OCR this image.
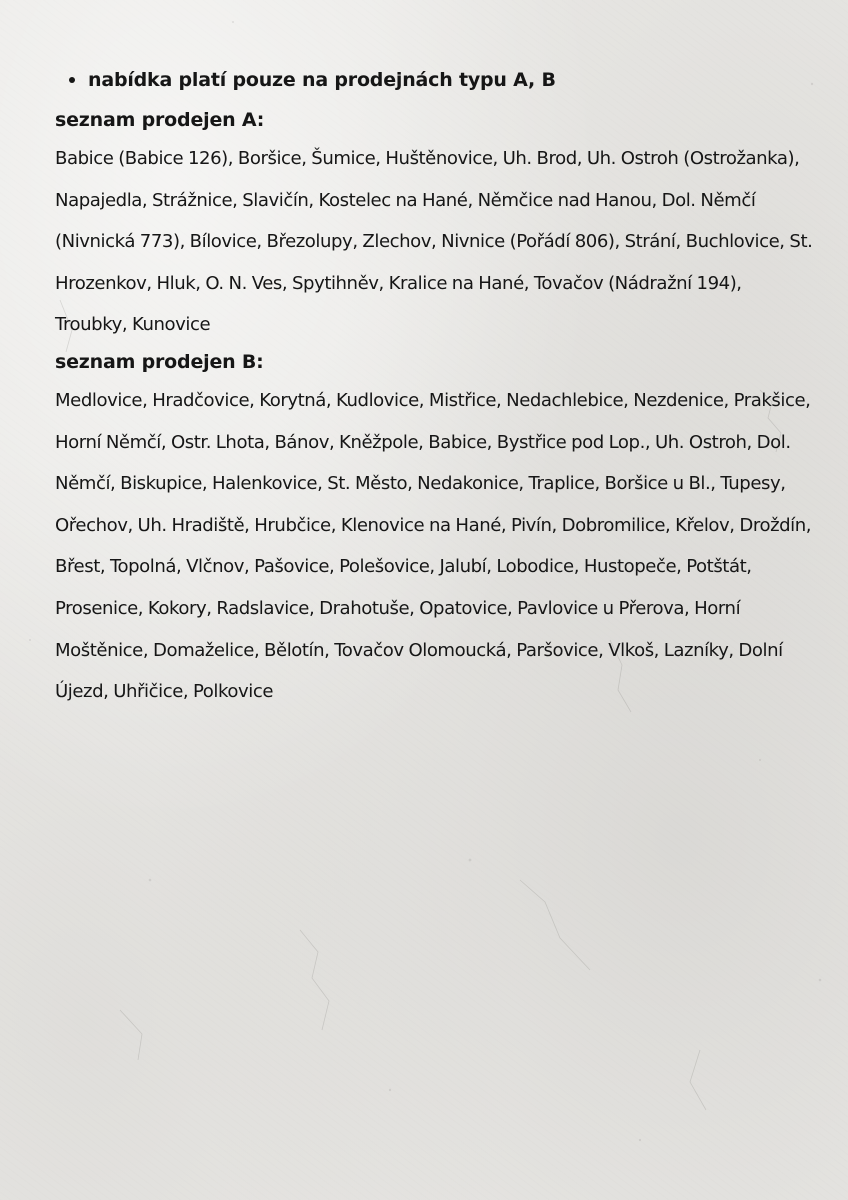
nabídka platí pouze na prodejnách typu A, B
seznam prodejen A:

Babice (Babice 126), Boršice, Šumice, Huštěnovice, Uh. Brod, Uh. Ostroh (Ostrožanka), Napajedla, Strážnice, Slavičín, Kostelec na Hané, Němčice nad Hanou, Dol. Němčí (Nivnická 773), Bílovice, Březolupy, Zlechov, Nivnice (Pořádí 806), Strání, Buchlovice, St. Hrozenkov, Hluk, O. N. Ves, Spytihněv, Kralice na Hané, Tovačov (Nádražní 194), Troubky, Kunovice

seznam prodejen B:

Medlovice, Hradčovice, Korytná, Kudlovice, Mistřice, Nedachlebice, Nezdenice, Prakšice, Horní Němčí, Ostr. Lhota, Bánov, Kněžpole, Babice, Bystřice pod Lop., Uh. Ostroh, Dol. Němčí, Biskupice, Halenkovice, St. Město, Nedakonice, Traplice, Boršice u Bl., Tupesy, Ořechov, Uh. Hradiště, Hrubčice, Klenovice na Hané, Pivín, Dobromilice, Křelov, Droždín, Břest, Topolná, Vlčnov, Pašovice, Polešovice, Jalubí, Lobodice, Hustopeče, Potštát, Prosenice, Kokory, Radslavice, Drahotuše, Opatovice, Pavlovice u Přerova, Horní Moštěnice, Domaželice, Bělotín, Tovačov Olomoucká, Paršovice, Vlkoš, Lazníky, Dolní Újezd, Uhřičice, Polkovice
